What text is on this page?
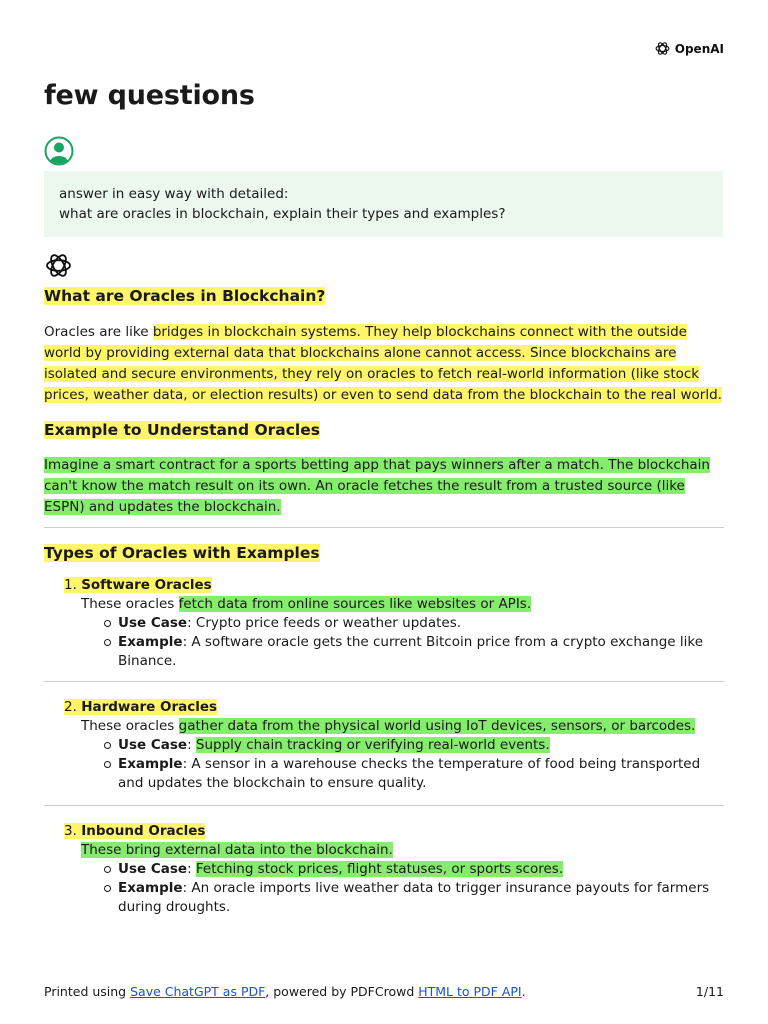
OpenAI
few questions
answer in easy way with detailed:
what are oracles in blockchain, explain their types and examples?
What are Oracles in Blockchain?

Oracles are like bridges in blockchain systems. They help blockchains connect with the outside world by providing external data that blockchains alone cannot access. Since blockchains are isolated and secure environments, they rely on oracles to fetch real-world information (like stock prices, weather data, or election results) or even to send data from the blockchain to the real world.

Example to Understand Oracles

Imagine a smart contract for a sports betting app that pays winners after a match. The blockchain can't know the match result on its own. An oracle fetches the result from a trusted source (like ESPN) and updates the blockchain.

Types of Oracles with Examples
1. Software Oracles
These oracles fetch data from online sources like websites or APIs.
Use Case: Crypto price feeds or weather updates.
Example: A software oracle gets the current Bitcoin price from a crypto exchange like Binance.
2. Hardware Oracles
These oracles gather data from the physical world using IoT devices, sensors, or barcodes.
Use Case: Supply chain tracking or verifying real-world events.
Example: A sensor in a warehouse checks the temperature of food being transported and updates the blockchain to ensure quality.
3. Inbound Oracles
These bring external data into the blockchain.
Use Case: Fetching stock prices, flight statuses, or sports scores.
Example: An oracle imports live weather data to trigger insurance payouts for farmers during droughts.
Printed using Save ChatGPT as PDF, powered by PDFCrowd HTML to PDF API.	1/11
